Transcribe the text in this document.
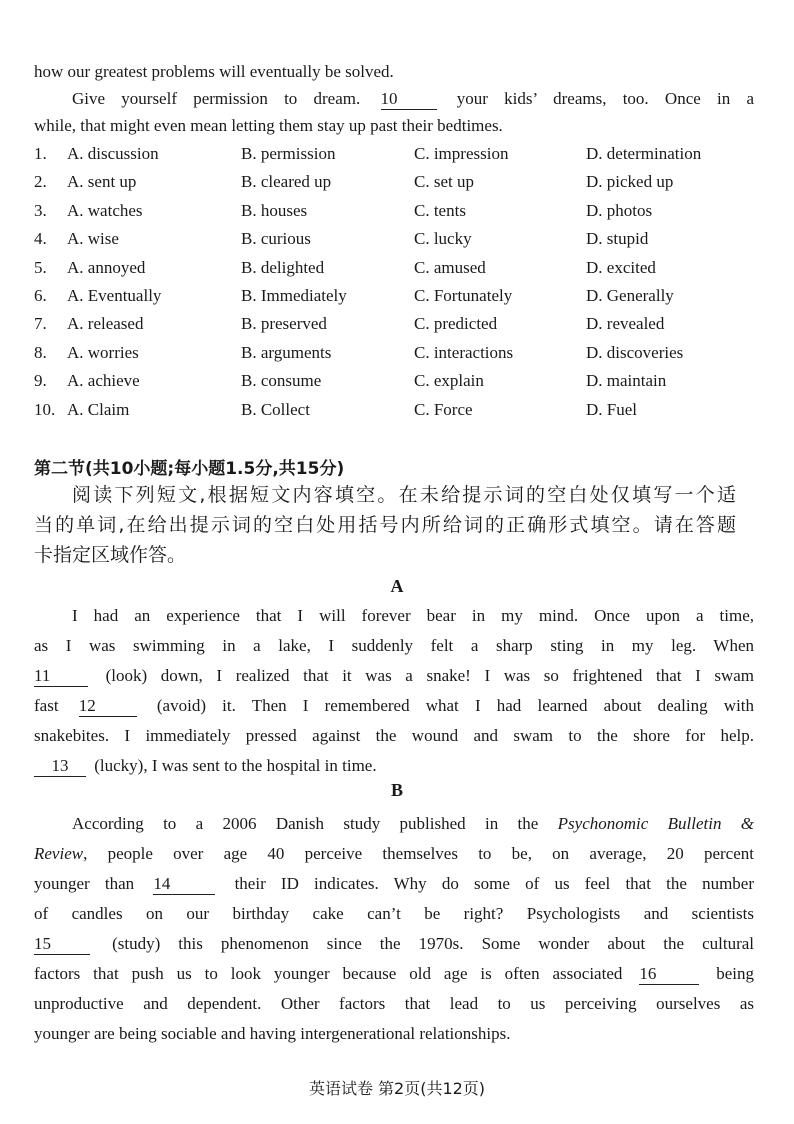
how our greatest problems will eventually be solved.
Give yourself permission to dream. 10	your kids’ dreams, too. Once in a
while, that might even mean letting them stay up past their bedtimes.
1.	A. discussion	B. permission	C. impression	D. determination
2.	A. sent up	B. cleared up	C. set up	D. picked up
3.	A. watches	B. houses	C. tents	D. photos
4.	A. wise	B. curious	C. lucky	D. stupid
5.	A. annoyed	B. delighted	C. amused	D. excited
6.	A. Eventually	B. Immediately	C. Fortunately	D. Generally
7.	A. released	B. preserved	C. predicted	D. revealed
8.	A. worries	B. arguments	C. interactions	D. discoveries
9.	A. achieve	B. consume	C. explain	D. maintain
10. A. Claim	B. Collect	C. Force	D. Fuel
第二节(共10小题;每小题1.5分,共15分)
阅读下列短文,根据短文内容填空。在未给提示词的空白处仅填写一个适
当的单词,在给出提示词的空白处用括号内所给词的正确形式填空。请在答题
卡指定区域作答。
A
I had an experience that I will forever bear in my mind. Once upon a time,
as I was swimming in a lake, I suddenly felt a sharp sting in my leg. When
11	(look) down, I realized that it was a snake! I was so frightened that I swam
fast 12	(avoid) it. Then I remembered what I had learned about dealing with
snakebites. I immediately pressed against the wound and swam to the shore for help.
13 (lucky), I was sent to the hospital in time.
B
According to a 2006 Danish study published in the Psychonomic Bulletin &
Review, people over age 40 perceive themselves to be, on average, 20 percent
younger than 14	their ID indicates. Why do some of us feel that the number
of candles on our birthday cake can’t be right? Psychologists and scientists
15	(study) this phenomenon since the 1970s. Some wonder about the cultural
factors that push us to look younger because old age is often associated 16	being
unproductive and dependent. Other factors that lead to us perceiving ourselves as
younger are being sociable and having intergenerational relationships.
英语试卷 第2页(共12页)
